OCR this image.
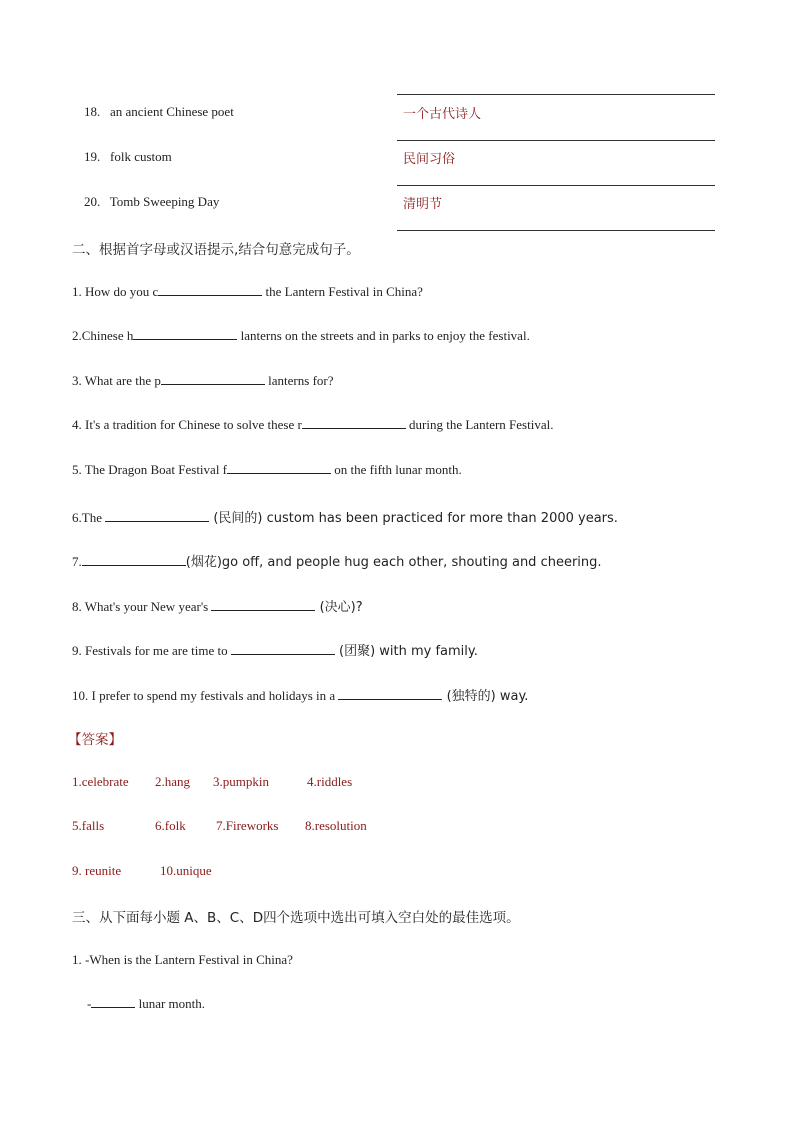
18. an ancient Chinese poet	一个古代诗人
19. folk custom	民间习俗
20. Tomb Sweeping Day	清明节
二、根据首字母或汉语提示,结合句意完成句子。
1. How do you c	the Lantern Festival in China?
2.Chinese h	lanterns on the streets and in parks to enjoy the festival.
3. What are the p	lanterns for?
4. It's a tradition for Chinese to solve these r	during the Lantern Festival.
5. The Dragon Boat Festival f	on the fifth lunar month.
6.The	(民间的) custom has been practiced for more than 2000 years.
7.	(烟花)go off, and people hug each other, shouting and cheering.
8. What's your New year's	(决心)?
9. Festivals for me are time to	(团聚) with my family.
10. I prefer to spend my festivals and holidays in a	(独特的) way.
【答案】
1.celebrate 2.hang 3.pumpkin	4.riddles
5.falls	6.folk 7.Fireworks 8.resolution
9. reunite	10.unique
三、从下面每小题 A、B、C、D四个选项中选出可填入空白处的最佳选项。
1. -When is the Lantern Festival in China?
-	lunar month.
